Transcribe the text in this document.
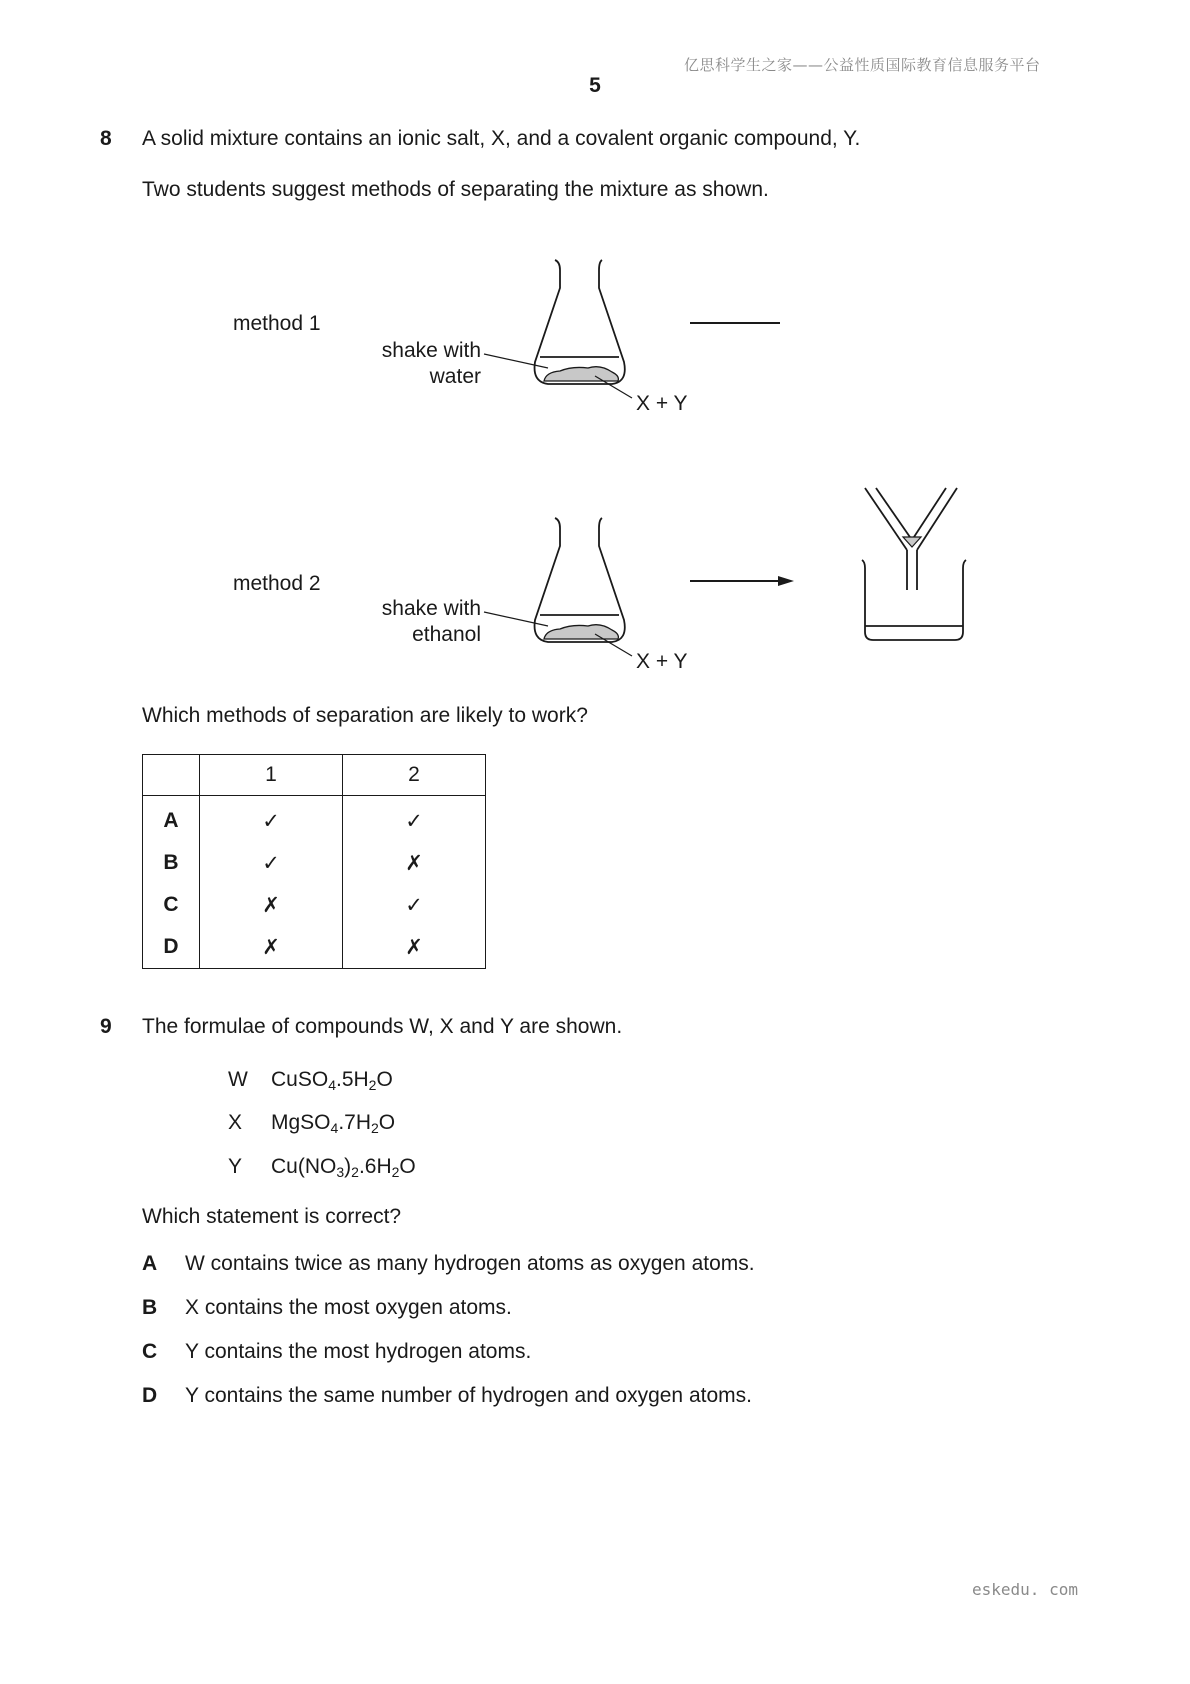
亿思科学生之家——公益性质国际教育信息服务平台
5
8 A solid mixture contains an ionic salt, X, and a covalent organic compound, Y.
Two students suggest methods of separating the mixture as shown.
method 1
shake with
water
X + Y
method 2
shake with
ethanol
X + Y
Which methods of separation are likely to work?
	1	2
A	✓	✓
B	✓	✗
C	✗	✓
D	✗	✗
9 The formulae of compounds W, X and Y are shown.
W $CuSO_4.5H_2O$
X $MgSO_4.7H_2O$
Y $Cu(NO_3)_2.6H_2O$
Which statement is correct?
A W contains twice as many hydrogen atoms as oxygen atoms.
B X contains the most oxygen atoms.
C Y contains the most hydrogen atoms.
D Y contains the same number of hydrogen and oxygen atoms.
eskedu. com
